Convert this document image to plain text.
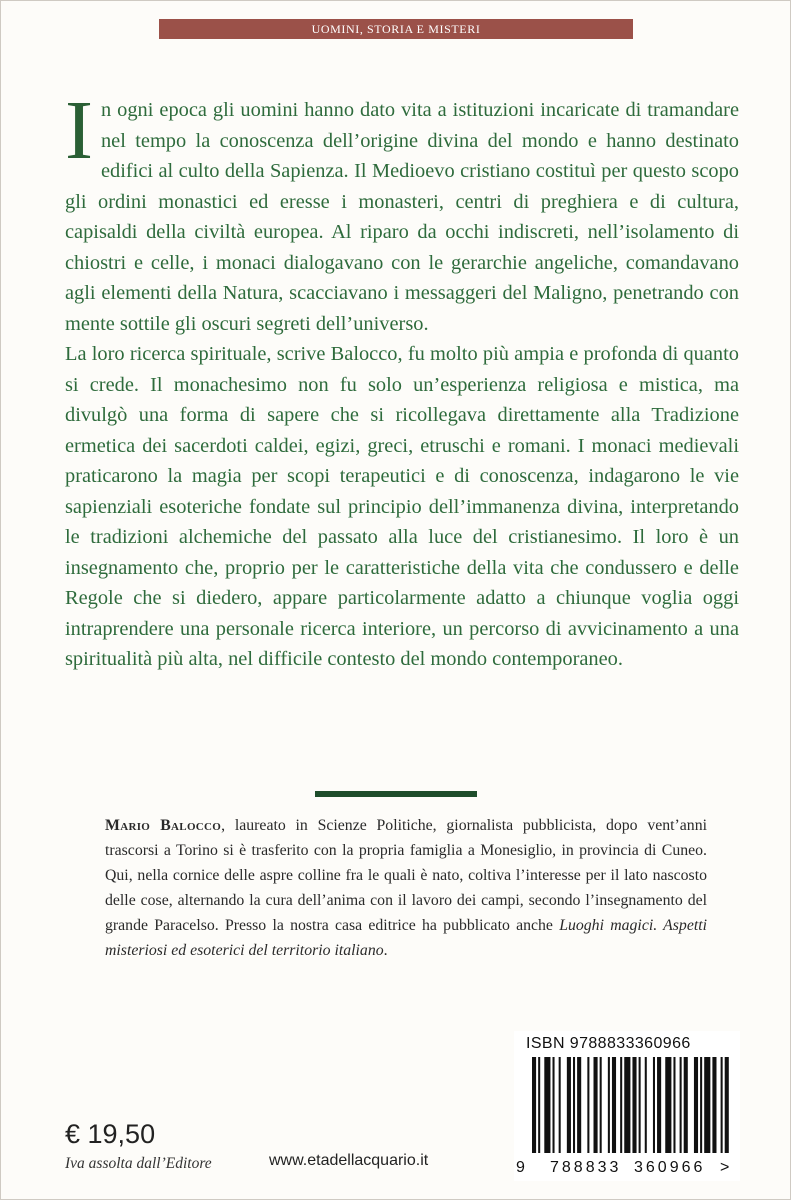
UOMINI, STORIA E MISTERI

In ogni epoca gli uomini hanno dato vita a istituzioni incaricate di tramandare nel tempo la conoscenza dell’origine divina del mondo e hanno destinato edifici al culto della Sapienza. Il Medioevo cristiano costituì per questo scopo gli ordini monastici ed eresse i monasteri, centri di preghiera e di cultura, capisaldi della civiltà europea. Al riparo da occhi indiscreti, nell’isolamento di chiostri e celle, i monaci dialogavano con le gerarchie angeliche, comandavano agli elementi della Natura, scacciavano i messaggeri del Maligno, penetrando con mente sottile gli oscuri segreti dell’universo.

La loro ricerca spirituale, scrive Balocco, fu molto più ampia e profonda di quanto si crede. Il monachesimo non fu solo un’esperienza religiosa e mistica, ma divulgò una forma di sapere che si ricollegava direttamente alla Tradizione ermetica dei sacerdoti caldei, egizi, greci, etruschi e romani. I monaci medievali praticarono la magia per scopi terapeutici e di conoscenza, indagarono le vie sapienziali esoteriche fondate sul principio dell’immanenza divina, interpretando le tradizioni alchemiche del passato alla luce del cristianesimo. Il loro è un insegnamento che, proprio per le caratteristiche della vita che condussero e delle Regole che si diedero, appare particolarmente adatto a chiunque voglia oggi intraprendere una personale ricerca interiore, un percorso di avvicinamento a una spiritualità più alta, nel difficile contesto del mondo contemporaneo.

Mario Balocco, laureato in Scienze Politiche, giornalista pubblicista, dopo vent’anni trascorsi a Torino si è trasferito con la propria famiglia a Monesiglio, in provincia di Cuneo. Qui, nella cornice delle aspre colline fra le quali è nato, coltiva l’interesse per il lato nascosto delle cose, alternando la cura dell’anima con il lavoro dei campi, secondo l’insegnamento del grande Paracelso. Presso la nostra casa editrice ha pubblicato anche Luoghi magici. Aspetti misteriosi ed esoterici del territorio italiano.

€ 19,50
Iva assolta dall’Editore	www.etadellacquario.it
ISBN 9788833360966
9 788833 360966 >
